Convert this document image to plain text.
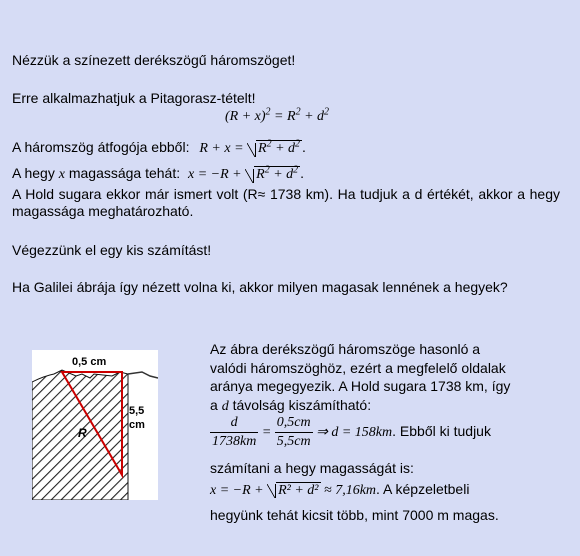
Nézzük a színezett derékszögű háromszöget!
Erre alkalmazhatjuk a Pitagorasz-tételt!
$(R + x)^2 = R^2 + d^2$
A háromszög átfogója ebből: $R + x = R^2 + d^2$ .
A hegy x magassága tehát: $x = -R + R^2 + d^2$ .
A Hold sugara ekkor már ismert volt (R≈ 1738 km). Ha tudjuk a d értékét, akkor a hegy magassága meghatározható.
Végezzünk el egy kis számítást!
Ha Galilei ábrája így nézett volna ki, akkor milyen magasak lennének a hegyek?
0,5 cm
5,5
cm
R
Az ábra derékszögű háromszöge hasonló a
valódi háromszöghöz, ezért a megfelelő oldalak
aránya megegyezik. A Hold sugara 1738 km, így
a d távolság kiszámítható:
$\frac{d}{1738km} = \frac{0,5cm}{5,5cm}$ ⇒ d = 158km. Ebből ki tudjuk
számítani a hegy magasságát is:
x = −R + R² + d² ≈ 7,16km. A képzeletbeli
hegyünk tehát kicsit több, mint 7000 m magas.
